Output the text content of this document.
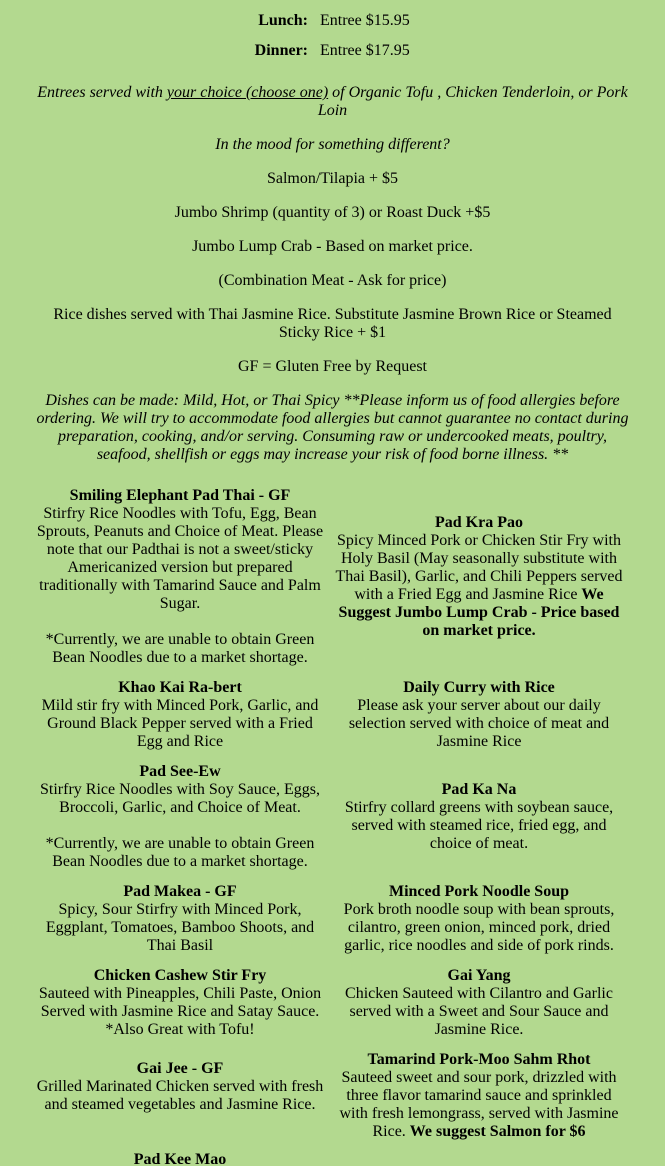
Lunch: Entree $15.95
Dinner: Entree $17.95
Entrees served with your choice (choose one) of Organic Tofu , Chicken Tenderloin, or Pork Loin
In the mood for something different?
Salmon/Tilapia + $5
Jumbo Shrimp (quantity of 3) or Roast Duck +$5
Jumbo Lump Crab - Based on market price.
(Combination Meat - Ask for price)
Rice dishes served with Thai Jasmine Rice. Substitute Jasmine Brown Rice or Steamed Sticky Rice + $1
GF = Gluten Free by Request
Dishes can be made: Mild, Hot, or Thai Spicy **Please inform us of food allergies before ordering. We will try to accommodate food allergies but cannot guarantee no contact during preparation, cooking, and/or serving. Consuming raw or undercooked meats, poultry, seafood, shellfish or eggs may increase your risk of food borne illness. **
Smiling Elephant Pad Thai - GF
Stirfry Rice Noodles with Tofu, Egg, Bean Sprouts, Peanuts and Choice of Meat. Please note that our Padthai is not a sweet/sticky Americanized version but prepared traditionally with Tamarind Sauce and Palm Sugar.
*Currently, we are unable to obtain Green Bean Noodles due to a market shortage.
Khao Kai Ra-bert
Mild stir fry with Minced Pork, Garlic, and Ground Black Pepper served with a Fried Egg and Rice
Pad See-Ew
Stirfry Rice Noodles with Soy Sauce, Eggs, Broccoli, Garlic, and Choice of Meat.
*Currently, we are unable to obtain Green Bean Noodles due to a market shortage.
Pad Makea - GF
Spicy, Sour Stirfry with Minced Pork, Eggplant, Tomatoes, Bamboo Shoots, and Thai Basil
Chicken Cashew Stir Fry
Sauteed with Pineapples, Chili Paste, Onion Served with Jasmine Rice and Satay Sauce. *Also Great with Tofu!
Gai Jee - GF
Grilled Marinated Chicken served with fresh and steamed vegetables and Jasmine Rice.
Pad Kee Mao
Pad Kra Pao
Spicy Minced Pork or Chicken Stir Fry with Holy Basil (May seasonally substitute with Thai Basil), Garlic, and Chili Peppers served with a Fried Egg and Jasmine Rice We Suggest Jumbo Lump Crab - Price based on market price.
Daily Curry with Rice
Please ask your server about our daily selection served with choice of meat and Jasmine Rice
Pad Ka Na
Stirfry collard greens with soybean sauce, served with steamed rice, fried egg, and choice of meat.
Minced Pork Noodle Soup
Pork broth noodle soup with bean sprouts, cilantro, green onion, minced pork, dried garlic, rice noodles and side of pork rinds.
Gai Yang
Chicken Sauteed with Cilantro and Garlic served with a Sweet and Sour Sauce and Jasmine Rice.
Tamarind Pork-Moo Sahm Rhot
Sauteed sweet and sour pork, drizzled with three flavor tamarind sauce and sprinkled with fresh lemongrass, served with Jasmine Rice. We suggest Salmon for $6
